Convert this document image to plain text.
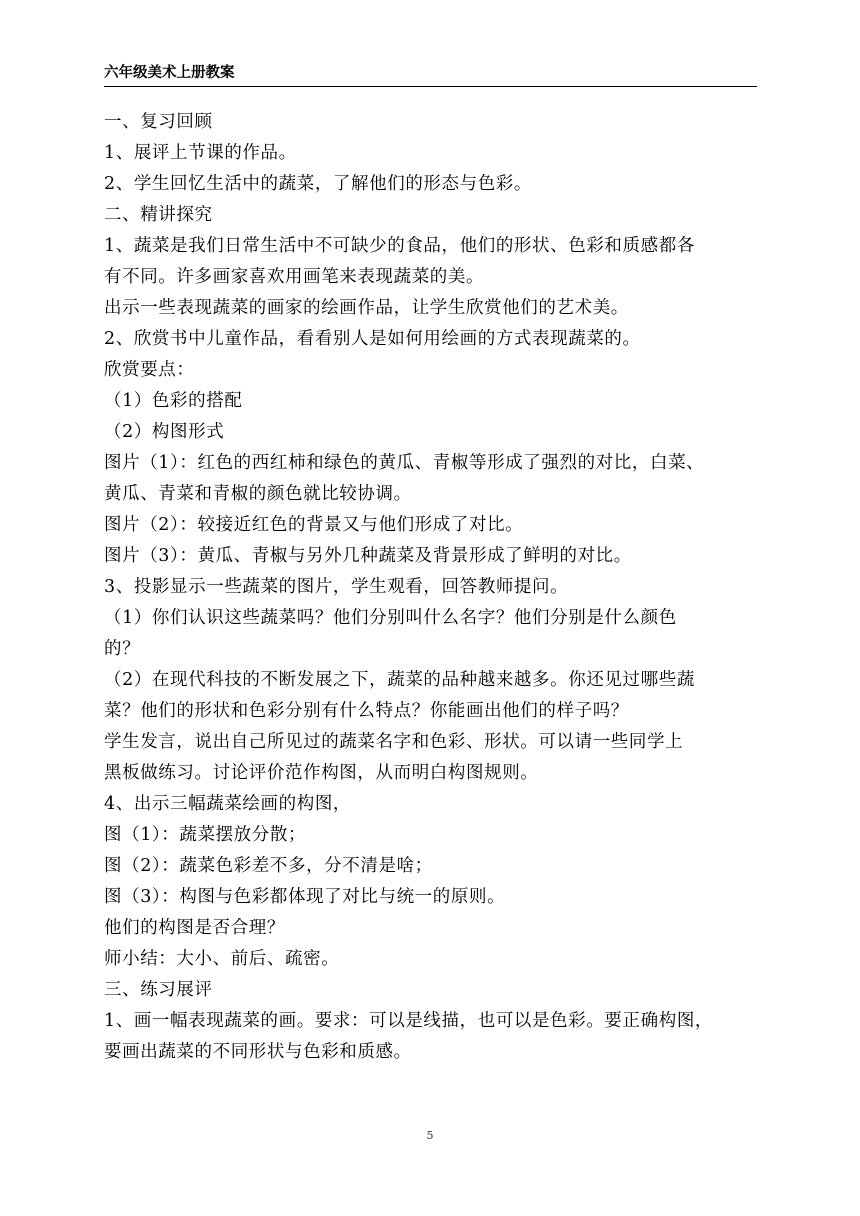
六年级美术上册教案
一、复习回顾
1、展评上节课的作品。
2、学生回忆生活中的蔬菜，了解他们的形态与色彩。
二、精讲探究
1、蔬菜是我们日常生活中不可缺少的食品，他们的形状、色彩和质感都各
有不同。许多画家喜欢用画笔来表现蔬菜的美。
出示一些表现蔬菜的画家的绘画作品，让学生欣赏他们的艺术美。
2、欣赏书中儿童作品，看看别人是如何用绘画的方式表现蔬菜的。
欣赏要点：
（1）色彩的搭配
（2）构图形式
图片（1）：红色的西红柿和绿色的黄瓜、青椒等形成了强烈的对比，白菜、
黄瓜、青菜和青椒的颜色就比较协调。
图片（2）：较接近红色的背景又与他们形成了对比。
图片（3）：黄瓜、青椒与另外几种蔬菜及背景形成了鲜明的对比。
3、投影显示一些蔬菜的图片，学生观看，回答教师提问。
（1）你们认识这些蔬菜吗？他们分别叫什么名字？他们分别是什么颜色
的？
（2）在现代科技的不断发展之下，蔬菜的品种越来越多。你还见过哪些蔬
菜？他们的形状和色彩分别有什么特点？你能画出他们的样子吗？
学生发言，说出自己所见过的蔬菜名字和色彩、形状。可以请一些同学上
黑板做练习。讨论评价范作构图，从而明白构图规则。
4、出示三幅蔬菜绘画的构图，
图（1）：蔬菜摆放分散；
图（2）：蔬菜色彩差不多，分不清是啥；
图（3）：构图与色彩都体现了对比与统一的原则。
他们的构图是否合理？
师小结：大小、前后、疏密。
三、练习展评
1、画一幅表现蔬菜的画。要求：可以是线描，也可以是色彩。要正确构图，
要画出蔬菜的不同形状与色彩和质感。
5
